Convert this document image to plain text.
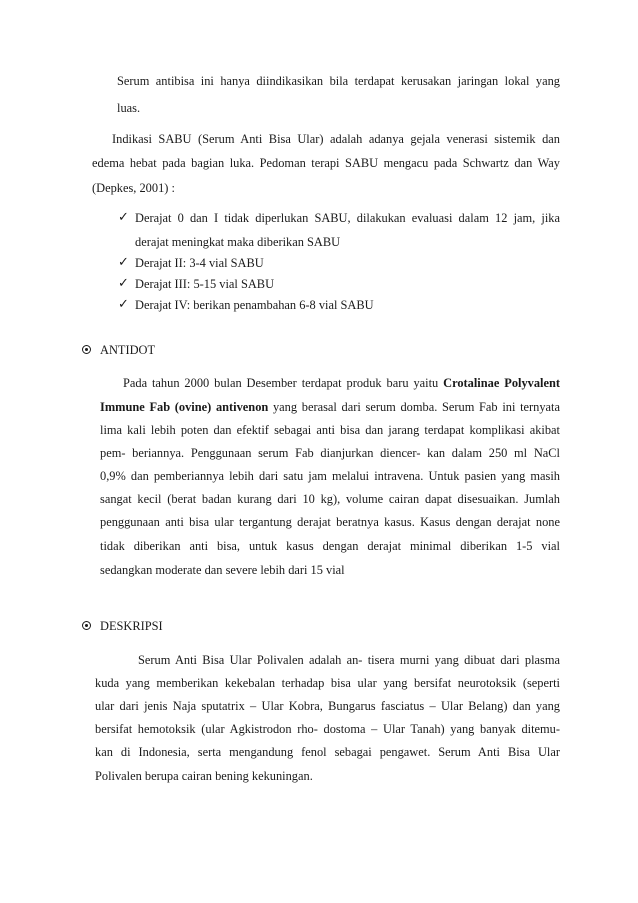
Serum antibisa ini hanya diindikasikan bila terdapat kerusakan jaringan lokal yang
luas.
Indikasi SABU (Serum Anti Bisa Ular) adalah adanya gejala venerasi sistemik dan
edema hebat pada bagian luka. Pedoman terapi SABU mengacu pada Schwartz dan Way
(Depkes, 2001) :
✓ Derajat 0 dan I tidak diperlukan SABU, dilakukan evaluasi dalam 12 jam, jika
derajat meningkat maka diberikan SABU
✓ Derajat II: 3-4 vial SABU
✓ Derajat III: 5-15 vial SABU
✓ Derajat IV: berikan penambahan 6-8 vial SABU
ANTIDOT
Pada tahun 2000 bulan Desember terdapat produk baru yaitu Crotalinae Polyvalent
Immune Fab (ovine) antivenon yang berasal dari serum domba. Serum Fab ini ternyata
lima kali lebih poten dan efektif sebagai anti bisa dan jarang terdapat komplikasi akibat
pem- beriannya. Penggunaan serum Fab dianjurkan diencer- kan dalam 250 ml NaCl
0,9% dan pemberiannya lebih dari satu jam melalui intravena. Untuk pasien yang masih
sangat kecil (berat badan kurang dari 10 kg), volume cairan dapat disesuaikan. Jumlah
penggunaan anti bisa ular tergantung derajat beratnya kasus. Kasus dengan derajat none
tidak diberikan anti bisa, untuk kasus dengan derajat minimal diberikan 1-5 vial
sedangkan moderate dan severe lebih dari 15 vial
DESKRIPSI
Serum Anti Bisa Ular Polivalen adalah an- tisera murni yang dibuat dari plasma
kuda yang memberikan kekebalan terhadap bisa ular yang bersifat neurotoksik (seperti
ular dari jenis Naja sputatrix – Ular Kobra, Bungarus fasciatus – Ular Belang) dan yang
bersifat hemotoksik (ular Agkistrodon rho- dostoma – Ular Tanah) yang banyak ditemu-
kan di Indonesia, serta mengandung fenol sebagai pengawet. Serum Anti Bisa Ular
Polivalen berupa cairan bening kekuningan.
